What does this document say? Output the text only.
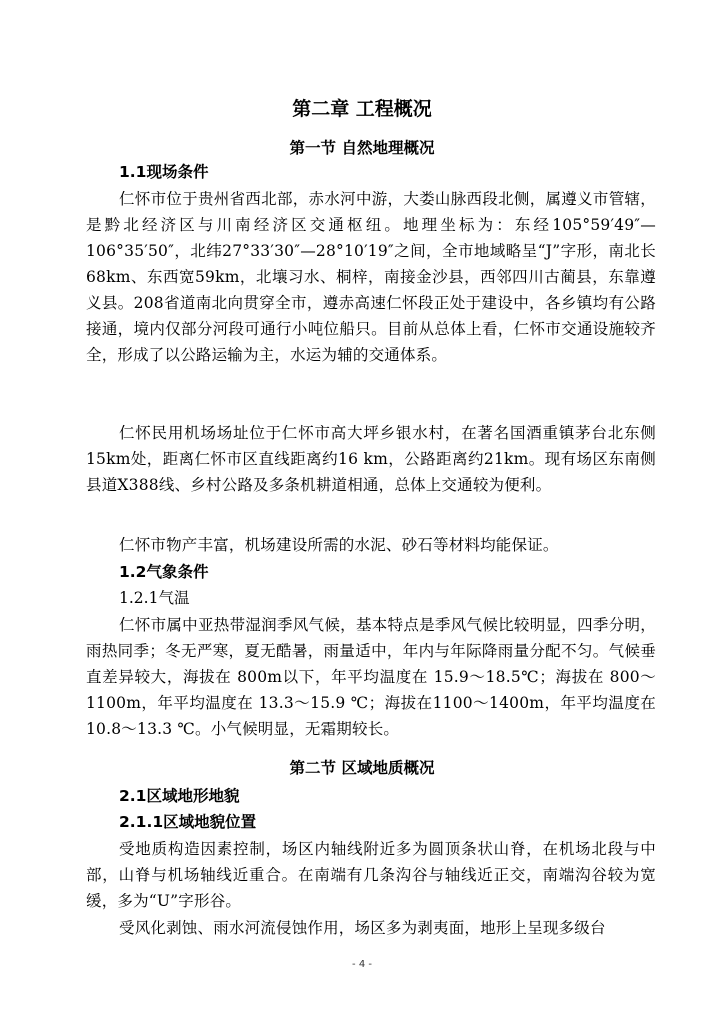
第二章 工程概况
第一节 自然地理概况
1.1现场条件
仁怀市位于贵州省西北部，赤水河中游，大娄山脉西段北侧，属遵义市管辖，是黔北经济区与川南经济区交通枢纽。地理坐标为：东经105°59′49″—106°35′50″，北纬27°33′30″—28°10′19″之间，全市地域略呈“J”字形，南北长68km、东西宽59km，北壤习水、桐梓，南接金沙县，西邻四川古蔺县，东靠遵义县。208省道南北向贯穿全市，遵赤高速仁怀段正处于建设中，各乡镇均有公路接通，境内仅部分河段可通行小吨位船只。目前从总体上看，仁怀市交通设施较齐全，形成了以公路运输为主，水运为辅的交通体系。
仁怀民用机场场址位于仁怀市高大坪乡银水村，在著名国酒重镇茅台北东侧15km处，距离仁怀市区直线距离约16 km，公路距离约21km。现有场区东南侧县道X388线、乡村公路及多条机耕道相通，总体上交通较为便利。
仁怀市物产丰富，机场建设所需的水泥、砂石等材料均能保证。
1.2气象条件
1.2.1气温
仁怀市属中亚热带湿润季风气候，基本特点是季风气候比较明显，四季分明，雨热同季；冬无严寒，夏无酷暑，雨量适中，年内与年际降雨量分配不匀。气候垂直差异较大，海拔在 800m以下，年平均温度在 15.9～18.5℃；海拔在 800～1100m，年平均温度在 13.3～15.9 ℃；海拔在1100～1400m，年平均温度在 10.8～13.3 ℃。小气候明显，无霜期较长。
第二节 区域地质概况
2.1区域地形地貌
2.1.1区域地貌位置
受地质构造因素控制，场区内轴线附近多为圆顶条状山脊，在机场北段与中部，山脊与机场轴线近重合。在南端有几条沟谷与轴线近正交，南端沟谷较为宽缓，多为“U”字形谷。
受风化剥蚀、雨水河流侵蚀作用，场区多为剥夷面，地形上呈现多级台
- 4 -
